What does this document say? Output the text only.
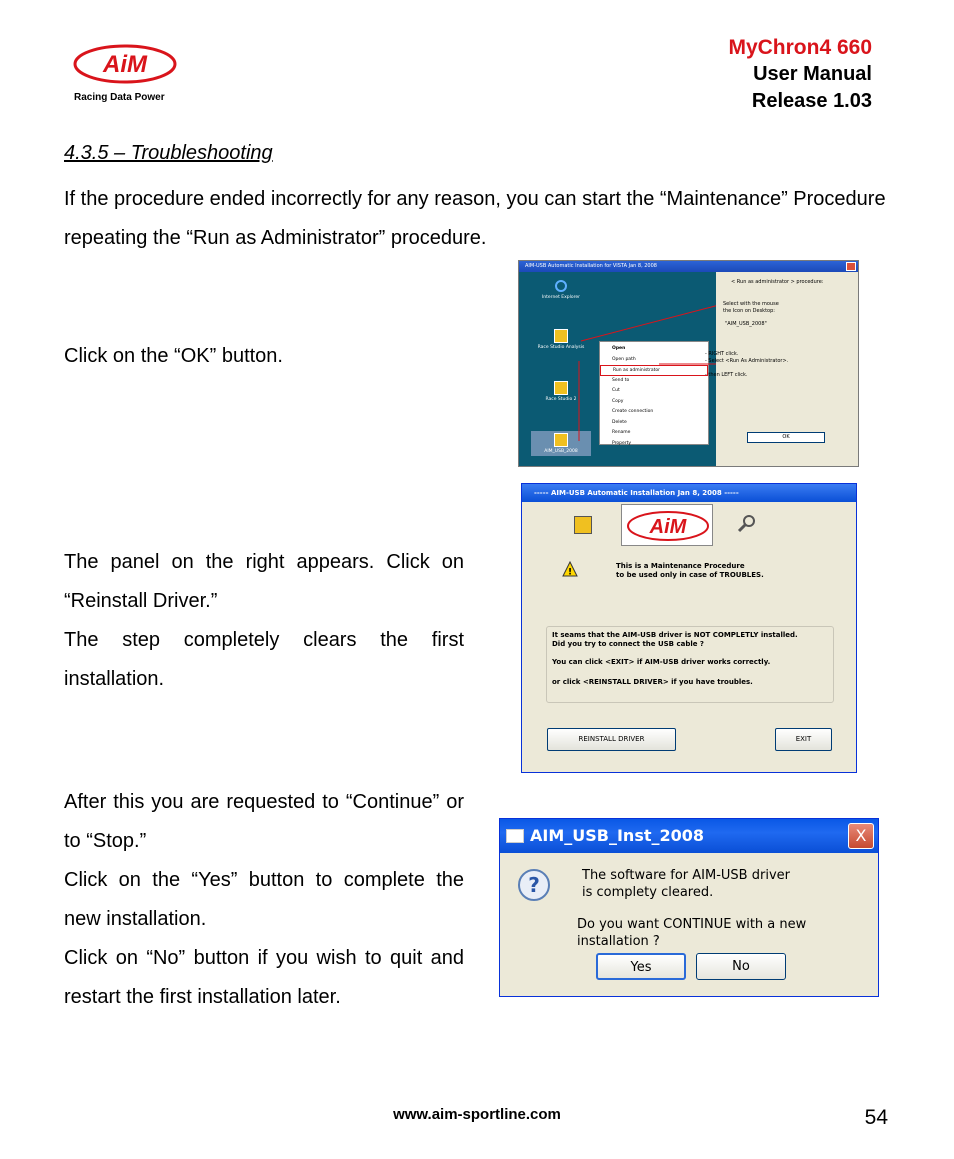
AiM
Racing Data Power
MyChron4 660
User Manual
Release 1.03
4.3.5 – Troubleshooting
If the procedure ended incorrectly for any reason, you can start the “Maintenance” Procedure repeating the “Run as Administrator” procedure.
Click on the “OK” button.
The panel on the right appears. Click on “Reinstall Driver.”
The step completely clears the first installation.
After this you are requested to “Continue” or to “Stop.”
Click on the “Yes” button to complete the new installation.
Click on “No” button if you wish to quit and restart the first installation later.
AIM-USB Automatic Installation for VISTA Jan 8, 2008
Internet Explorer
Race Studio Analysis
Race Studio 2
AIM_USB_2008
Open
Open path
Run as administrator
Send to
Cut
Copy
Create connection
Delete
Rename
Property
< Run as administrator > procedure:
Select with the mouse
the Icon on Desktop:
"AIM_USB_2008"
- RIGHT click.
- Select <Run As Administrator>.
- then LEFT click.
OK
----- AIM-USB Automatic Installation Jan 8, 2008 -----
AiM
!
This is a Maintenance Procedure
to be used only in case of TROUBLES.
It seams that the AIM-USB driver is NOT COMPLETLY installed.
Did you try to connect the USB cable ?
You can click <EXIT> if AIM-USB driver works correctly.
or click <REINSTALL DRIVER> if you have troubles.
REINSTALL DRIVER	EXIT
AIM_USB_Inst_2008	X
?	The software for AIM-USB driver
is complety cleared.
Do you want CONTINUE with a new installation ?
Yes	No
www.aim-sportline.com	54
